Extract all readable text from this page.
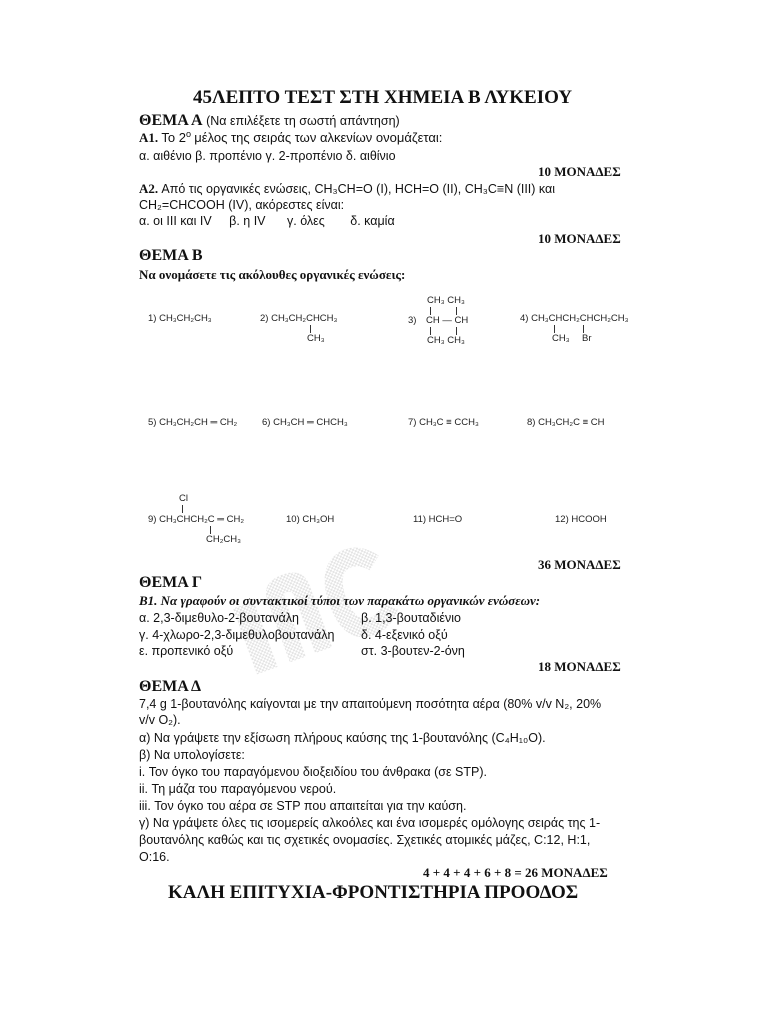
45ΛΕΠΤΟ ΤΕΣΤ ΣΤΗ ΧΗΜΕΙΑ Β ΛΥΚΕΙΟΥ
ΘΕΜΑ Α (Να επιλέξετε τη σωστή απάντηση)
Α1. Το $2^o$ μέλος της σειράς των αλκενίων ονομάζεται:
α. αιθένιο β. προπένιο γ. 2-προπένιο δ. αιθίνιο
10 ΜΟΝΑΔΕΣ
Α2. Από τις οργανικές ενώσεις, CH₃CH=O (I), HCH=O (II), CH₃C≡N (III) και
CH₂=CHCOOH (IV), ακόρεστες είναι:
α. οι III και IV β. η IV γ. όλες δ. καμία
10 ΜΟΝΑΔΕΣ
ΘΕΜΑ Β
Να ονομάσετε τις ακόλουθες οργανικές ενώσεις:
1) CH₃CH₂CH₃	2) CH₃CH₂CHCH₃
CH₃
3)
CH₃ CH₃
CH — CH
CH₃ CH₃
4) CH₃CHCH₂CHCH₂CH₃
CH₃ Br
5) CH₃CH₂CH ═ CH₂	6) CH₃CH ═ CHCH₃	7) CH₃C ≡ CCH₃	8) CH₃CH₂C ≡ CH
Cl
9) CH₃CHCH₂C ═ CH₂
CH₂CH₃
10) CH₃OH	11) HCH=O	12) HCOOH
36 ΜΟΝΑΔΕΣ
ΘΕΜΑ Γ
Β1. Να γραφούν οι συντακτικοί τύποι των παρακάτω οργανικών ενώσεων:
α. 2,3-διμεθυλο-2-βουτανάλη	β. 1,3-βουταδιένιο
γ. 4-χλωρο-2,3-διμεθυλοβουτανάλη δ. 4-εξενικό οξύ
ε. προπενικό οξύ	στ. 3-βουτεν-2-όνη
18 ΜΟΝΑΔΕΣ
ΘΕΜΑ Δ
7,4 g 1-βουτανόλης καίγονται με την απαιτούμενη ποσότητα αέρα (80% v/v N₂, 20%
v/v O₂).
α) Να γράψετε την εξίσωση πλήρους καύσης της 1-βουτανόλης (C₄H₁₀O).
β) Να υπολογίσετε:
i. Τον όγκο του παραγόμενου διοξειδίου του άνθρακα (σε STP).
ii. Τη μάζα του παραγόμενου νερού.
iii. Τον όγκο του αέρα σε STP που απαιτείται για την καύση.
γ) Να γράψετε όλες τις ισομερείς αλκοόλες και ένα ισομερές ομόλογης σειράς της 1-
βουτανόλης καθώς και τις σχετικές ονομασίες. Σχετικές ατομικές μάζες, C:12, H:1,
O:16.
4 + 4 + 4 + 6 + 8 = 26 ΜΟΝΑΔΕΣ
ΚΑΛΗ ΕΠΙΤΥΧΙΑ-ΦΡΟΝΤΙΣΤΗΡΙΑ ΠΡΟΟΔΟΣ
